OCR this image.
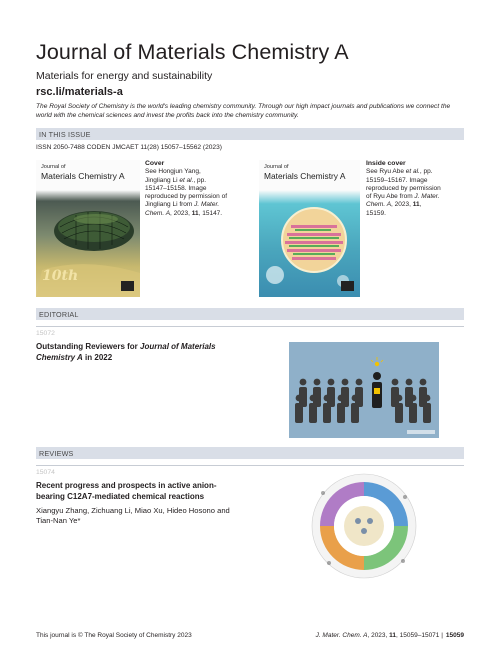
Journal of Materials Chemistry A
Materials for energy and sustainability
rsc.li/materials-a
The Royal Society of Chemistry is the world's leading chemistry community. Through our high impact journals and publications we connect the world with the chemical sciences and invest the profits back into the chemistry community.
IN THIS ISSUE
ISSN 2050-7488 CODEN JMCAET 11(28) 15057–15562 (2023)
Journal of
Materials Chemistry A
10th
Cover
See Hongjun Yang, Jingliang Li et al., pp. 15147–15158. Image reproduced by permission of Jingliang Li from J. Mater. Chem. A, 2023, 11, 15147.
Journal of
Materials Chemistry A
Inside cover
See Ryu Abe et al., pp. 15159–15167. Image reproduced by permission of Ryu Abe from J. Mater. Chem. A, 2023, 11, 15159.
EDITORIAL
15072
Outstanding Reviewers for Journal of Materials Chemistry A in 2022
REVIEWS
15074
Recent progress and prospects in active anion-bearing C12A7-mediated chemical reactions
Xiangyu Zhang, Zichuang Li, Miao Xu, Hideo Hosono and Tian-Nan Ye*
This journal is © The Royal Society of Chemistry 2023	J. Mater. Chem. A, 2023, 11, 15059–15071 | 15059
